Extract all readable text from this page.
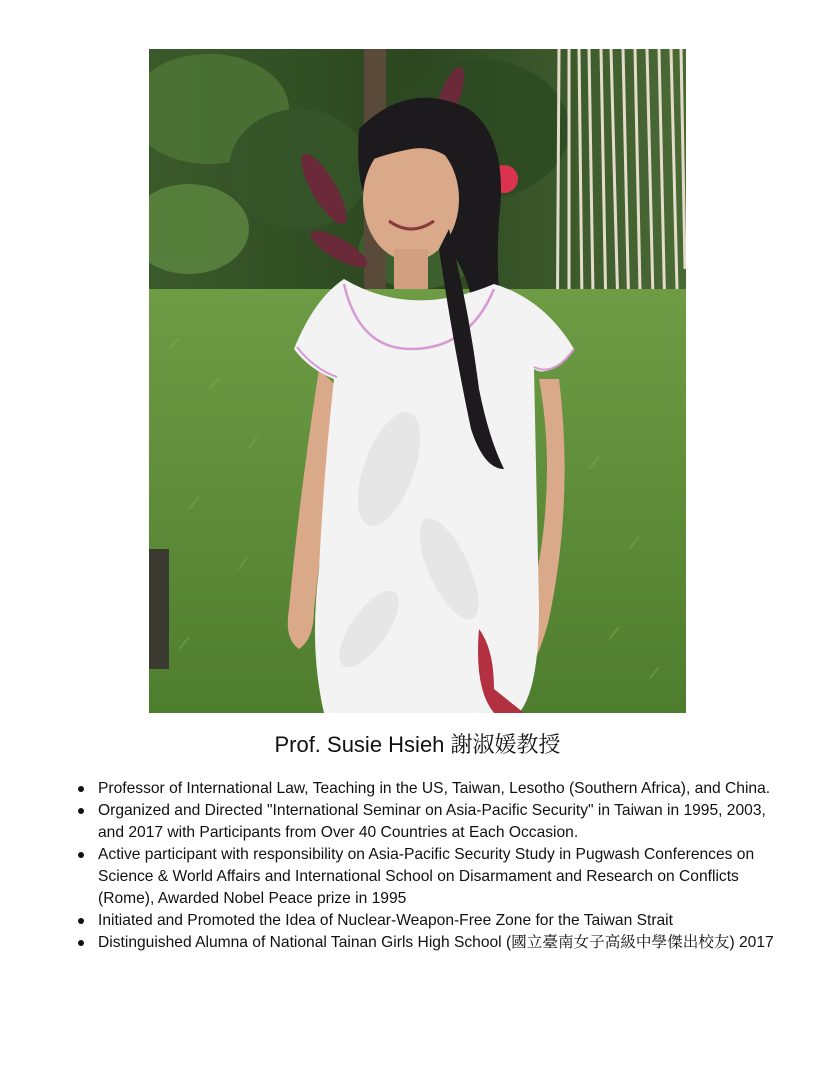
Prof. Susie Hsieh 謝淑媛教授
Professor of International Law, Teaching in the US, Taiwan, Lesotho (Southern Africa), and China.
Organized and Directed "International Seminar on Asia-Pacific Security" in Taiwan in 1995, 2003, and 2017 with Participants from Over 40 Countries at Each Occasion.
Active participant with responsibility on Asia-Pacific Security Study in Pugwash Conferences on Science & World Affairs and International School on Disarmament and Research on Conflicts (Rome), Awarded Nobel Peace prize in 1995
Initiated and Promoted the Idea of Nuclear-Weapon-Free Zone for the Taiwan Strait
Distinguished Alumna of National Tainan Girls High School (國立臺南女子高級中學傑出校友) 2017
